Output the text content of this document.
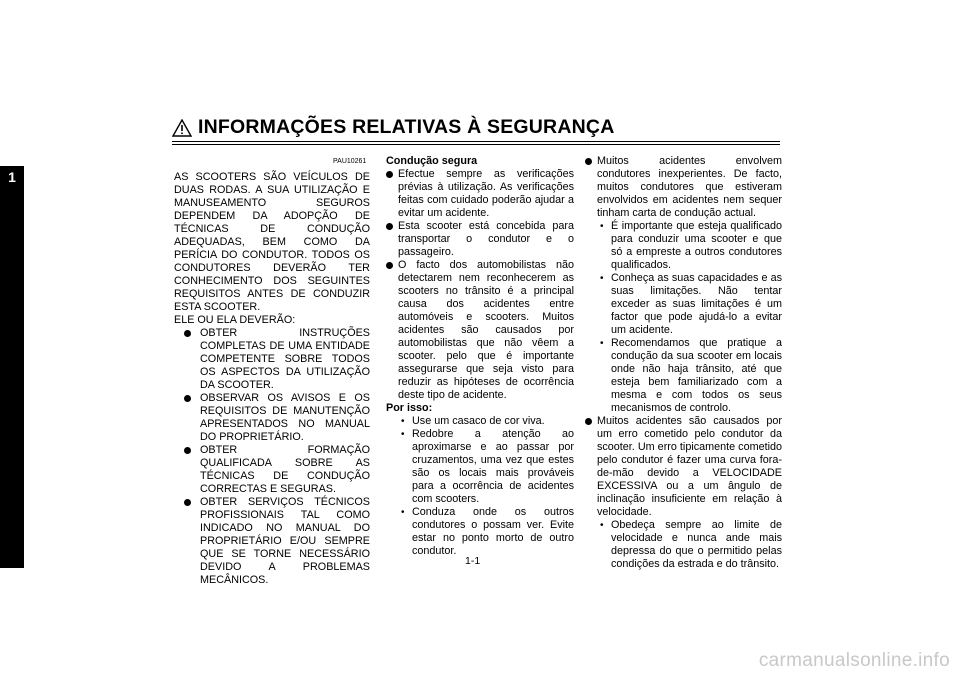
1
INFORMAÇÕES RELATIVAS À SEGURANÇA
PAU10261

AS SCOOTERS SÃO VEÍCULOS DE DUAS RODAS. A SUA UTILIZAÇÃO E MANUSEAMENTO SEGUROS DEPENDEM DA ADOPÇÃO DE TÉCNICAS DE CONDUÇÃO ADEQUADAS, BEM COMO DA PERÍCIA DO CONDUTOR. TODOS OS CONDUTORES DEVERÃO TER CONHECIMENTO DOS SEGUINTES REQUISITOS ANTES DE CONDUZIR ESTA SCOOTER.

ELE OU ELA DEVERÃO:

OBTER INSTRUÇÕES COMPLETAS DE UMA ENTIDADE COMPETENTE SOBRE TODOS OS ASPECTOS DA UTILIZAÇÃO DA SCOOTER.
OBSERVAR OS AVISOS E OS REQUISITOS DE MANUTENÇÃO APRESENTADOS NO MANUAL DO PROPRIETÁRIO.
OBTER FORMAÇÃO QUALIFICADA SOBRE AS TÉCNICAS DE CONDUÇÃO CORRECTAS E SEGURAS.
OBTER SERVIÇOS TÉCNICOS PROFISSIONAIS TAL COMO INDICADO NO MANUAL DO PROPRIETÁRIO E/OU SEMPRE QUE SE TORNE NECESSÁRIO DEVIDO A PROBLEMAS MECÂNICOS.

Condução segura

Efectue sempre as verificações prévias à utilização. As verificações feitas com cuidado poderão ajudar a evitar um acidente.
Esta scooter está concebida para transportar o condutor e o passageiro.
O facto dos automobilistas não detectarem nem reconhecerem as scooters no trânsito é a principal causa dos acidentes entre automóveis e scooters. Muitos acidentes são causados por automobilistas que não vêem a scooter. pelo que é importante assegurarse que seja visto para reduzir as hipóteses de ocorrência deste tipo de acidente.

Por isso:

• Use um casaco de cor viva.
• Redobre a atenção ao aproximarse e ao passar por cruzamentos, uma vez que estes são os locais mais prováveis para a ocorrência de acidentes com scooters.
• Conduza onde os outros condutores o possam ver. Evite estar no ponto morto de outro condutor.
Muitos acidentes envolvem condutores inexperientes. De facto, muitos condutores que estiveram envolvidos em acidentes nem sequer tinham carta de condução actual.
• É importante que esteja qualificado para conduzir uma scooter e que só a empreste a outros condutores qualificados.
• Conheça as suas capacidades e as suas limitações. Não tentar exceder as suas limitações é um factor que pode ajudá-lo a evitar um acidente.
• Recomendamos que pratique a condução da sua scooter em locais onde não haja trânsito, até que esteja bem familiarizado com a mesma e com todos os seus mecanismos de controlo.
Muitos acidentes são causados por um erro cometido pelo condutor da scooter. Um erro tipicamente cometido pelo condutor é fazer uma curva fora-de-mão devido a VELOCIDADE EXCESSIVA ou a um ângulo de inclinação insuficiente em relação à velocidade.
• Obedeça sempre ao limite de velocidade e nunca ande mais depressa do que o permitido pelas condições da estrada e do trânsito.
1-1
carmanualsonline.info
